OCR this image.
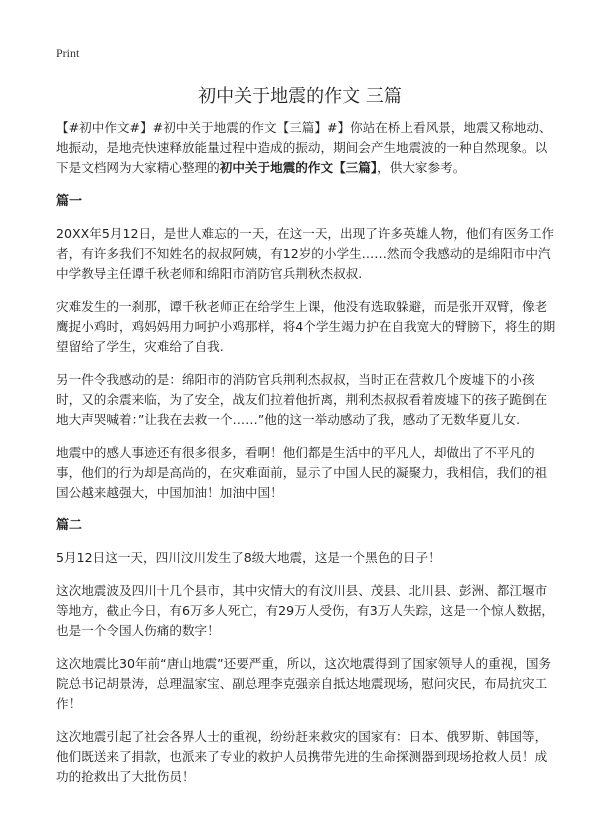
Print
初中关于地震的作文 三篇

【#初中作文#】#初中关于地震的作文【三篇】#】你站在桥上看风景，地震又称地动、地振动，是地壳快速释放能量过程中造成的振动，期间会产生地震波的一种自然现象。以下是文档网为大家精心整理的初中关于地震的作文【三篇】，供大家参考。

篇一

20XX年5月12日，是世人难忘的一天，在这一天，出现了许多英雄人物，他们有医务工作者，有许多我们不知姓名的叔叔阿姨，有12岁的小学生……然而令我感动的是绵阳市中汽中学教导主任谭千秋老师和绵阳市消防官兵荆秋杰叔叔.

灾难发生的一刹那，谭千秋老师正在给学生上课，他没有选取躲避，而是张开双臂，像老鹰捉小鸡时，鸡妈妈用力呵护小鸡那样，将4个学生竭力护在自我宽大的臂膀下，将生的期望留给了学生，灾难给了自我.

另一件令我感动的是：绵阳市的消防官兵荆利杰叔叔，当时正在营救几个废墟下的小孩时，又的余震来临，为了安全，战友们拉着他折离，荆利杰叔叔看着废墟下的孩子跪倒在地大声哭喊着：”让我在去救一个……”他的这一举动感动了我，感动了无数华夏儿女.

地震中的感人事迹还有很多很多，看啊！他们都是生活中的平凡人，却做出了不平凡的事，他们的行为却是高尚的，在灾难面前，显示了中国人民的凝聚力，我相信，我们的祖国公越来越强大，中国加油！加油中国！

篇二

5月12日这一天，四川汶川发生了8级大地震，这是一个黑色的日子！

这次地震波及四川十几个县市，其中灾情大的有汶川县、茂县、北川县、彭洲、都江堰市等地方，截止今日，有6万多人死亡，有29万人受伤，有3万人失踪，这是一个惊人数据，也是一个令国人伤痛的数字！

这次地震比30年前“唐山地震”还要严重，所以，这次地震得到了国家领导人的重视，国务院总书记胡景涛，总理温家宝、副总理李克强亲自抵达地震现场，慰问灾民，布局抗灾工作！

这次地震引起了社会各界人士的重视，纷纷赶来救灾的国家有：日本、俄罗斯、韩国等，他们既送来了捐款，也派来了专业的救护人员携带先进的生命探测器到现场抢救人员！成功的抢救出了大批伤员！
